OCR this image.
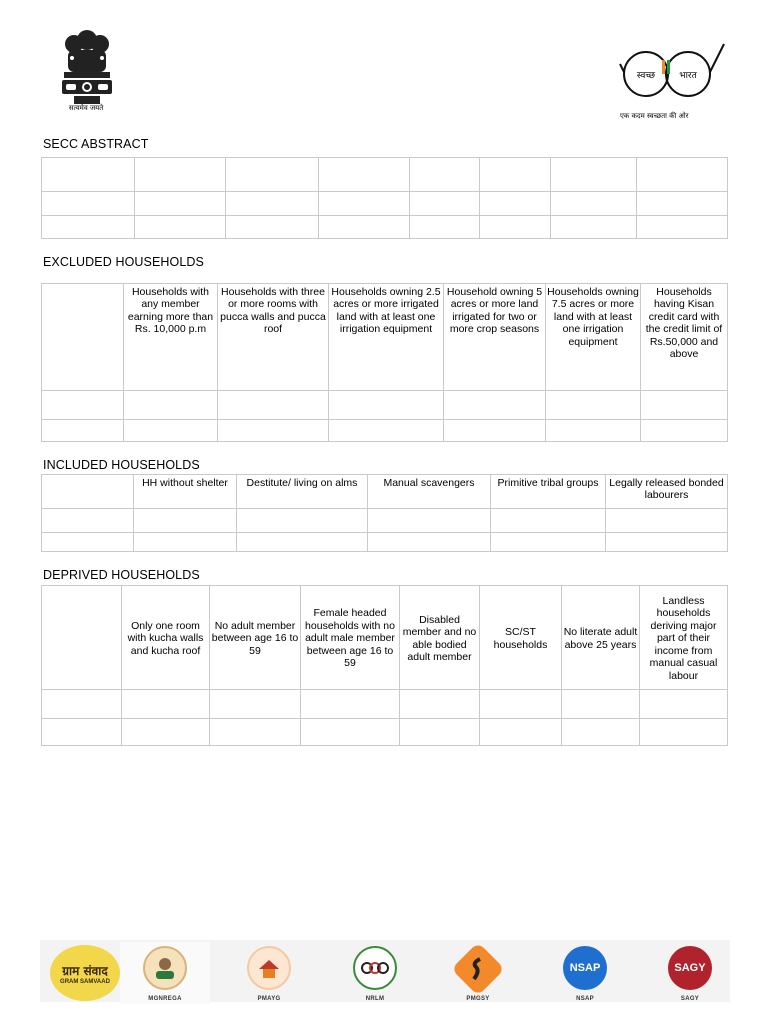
सत्यमेव जयते
स्वच्छ	भारत
एक कदम स्वच्छता की ओर
SECC ABSTRACT

EXCLUDED HOUSEHOLDS
	Households with any member earning more than Rs. 10,000 p.m	Households with three or more rooms with pucca walls and pucca roof	Households owning 2.5 acres or more irrigated land with at least one irrigation equipment	Household owning 5 acres or more land irrigated for two or more crop seasons	Households owning 7.5 acres or more land with at least one irrigation equipment	Households having Kisan credit card with the credit limit of Rs.50,000 and above

INCLUDED HOUSEHOLDS
	HH without shelter	Destitute/ living on alms	Manual scavengers	Primitive tribal groups	Legally released bonded labourers

DEPRIVED HOUSEHOLDS
	Only one room with kucha walls and kucha roof	No adult member between age 16 to 59	Female headed households with no adult male member between age 16 to 59	Disabled member and no able bodied adult member	SC/ST households	No literate adult above 25 years	Landless households deriving major part of their income from manual casual labour

ग्राम संवाद
GRAM SAMVAAD
MGNREGA	PMAYG	NRLM	PMGSY
NSAP
NSAP
SAGY
SAGY
